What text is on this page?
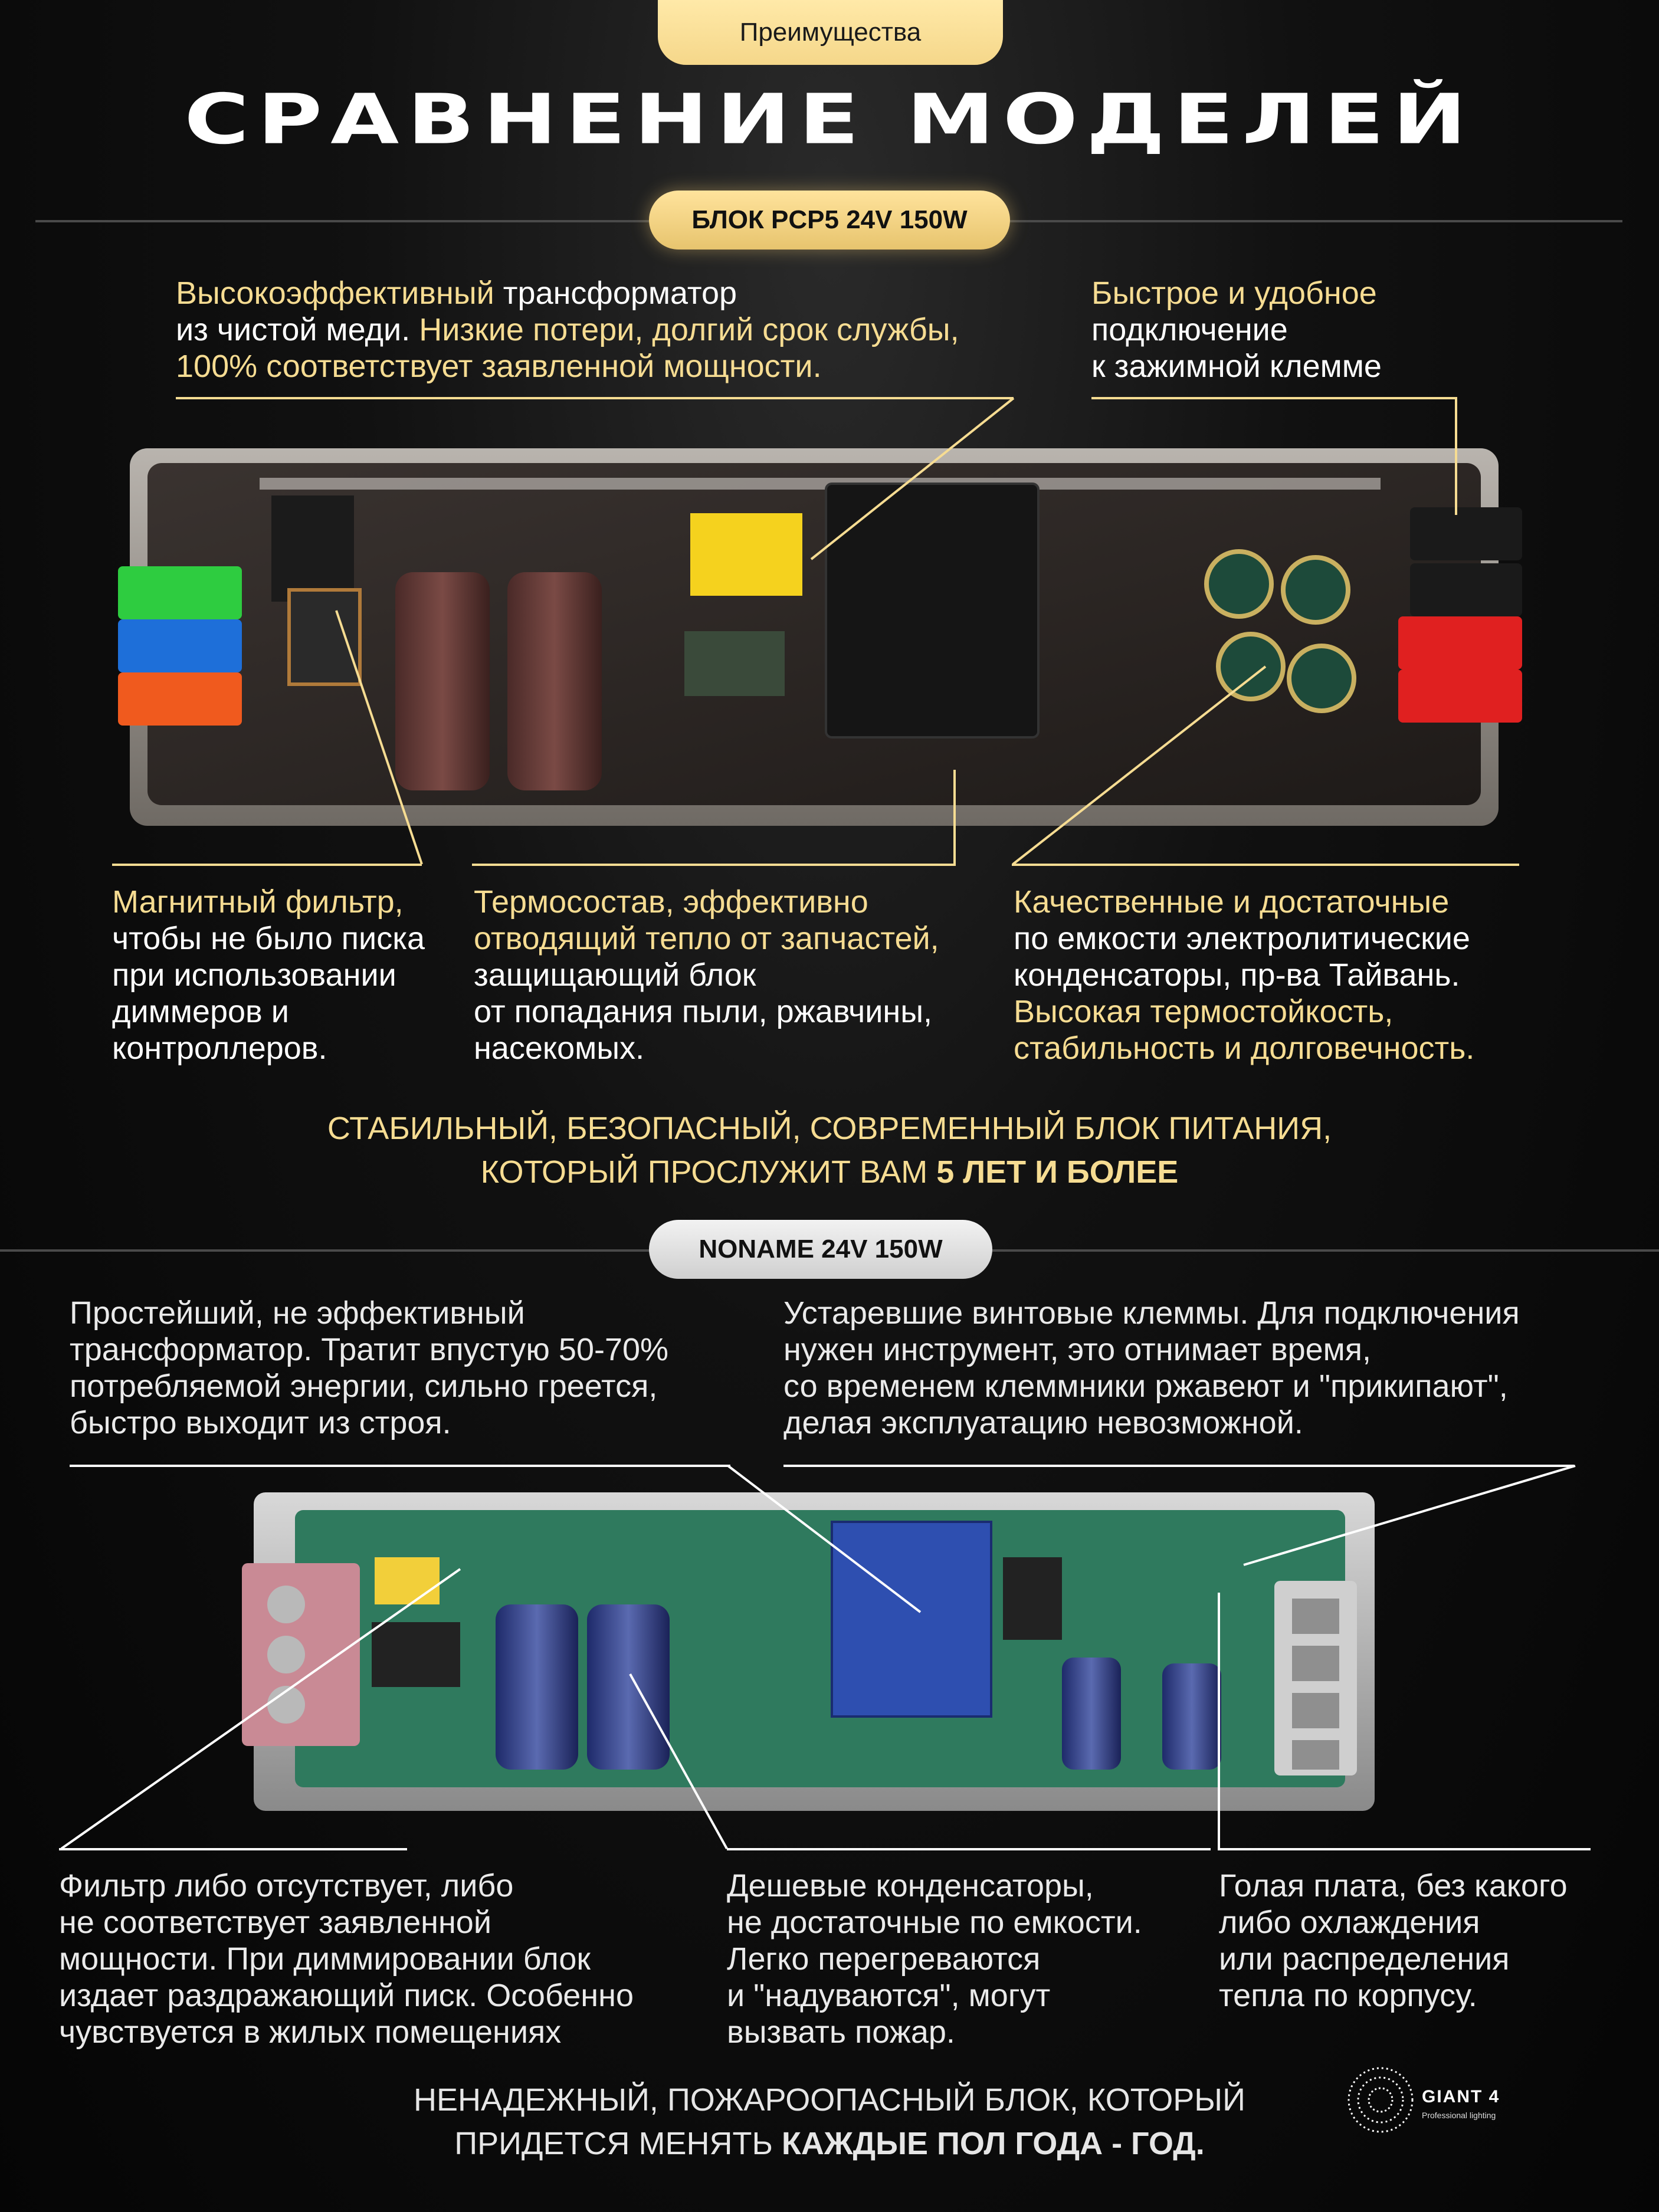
Преимущества
СРАВНЕНИЕ МОДЕЛЕЙ
БЛОК PCP5 24V 150W
Высокоэффективный трансформатор
из чистой меди. Низкие потери, долгий срок службы,
100% соответствует заявленной мощности.
Быстрое и удобное
подключение
к зажимной клемме
Магнитный фильтр,
чтобы не было писка
при использовании
диммеров и
контроллеров.
Термосостав, эффективно
отводящий тепло от запчастей,
защищающий блок
от попадания пыли, ржавчины,
насекомых.
Качественные и достаточные
по емкости электролитические
конденсаторы, пр-ва Тайвань.
Высокая термостойкость,
стабильность и долговечность.
СТАБИЛЬНЫЙ, БЕЗОПАСНЫЙ, СОВРЕМЕННЫЙ БЛОК ПИТАНИЯ,
КОТОРЫЙ ПРОСЛУЖИТ ВАМ 5 ЛЕТ И БОЛЕЕ
NONAME 24V 150W
Простейший, не эффективный
трансформатор. Тратит впустую 50-70%
потребляемой энергии, сильно греется,
быстро выходит из строя.
Устаревшие винтовые клеммы. Для подключения
нужен инструмент, это отнимает время,
со временем клеммники ржавеют и "прикипают",
делая эксплуатацию невозможной.
Фильтр либо отсутствует, либо
не соответствует заявленной
мощности. При диммировании блок
издает раздражающий писк. Особенно
чувствуется в жилых помещениях
Дешевые конденсаторы,
не достаточные по емкости.
Легко перегреваются
и "надуваются", могут
вызвать пожар.
Голая плата, без какого
либо охлаждения
или распределения
тепла по корпусу.
НЕНАДЕЖНЫЙ, ПОЖАРООПАСНЫЙ БЛОК, КОТОРЫЙ
ПРИДЕТСЯ МЕНЯТЬ КАЖДЫЕ ПОЛ ГОДА - ГОД.
GIANT 4
Professional lighting
